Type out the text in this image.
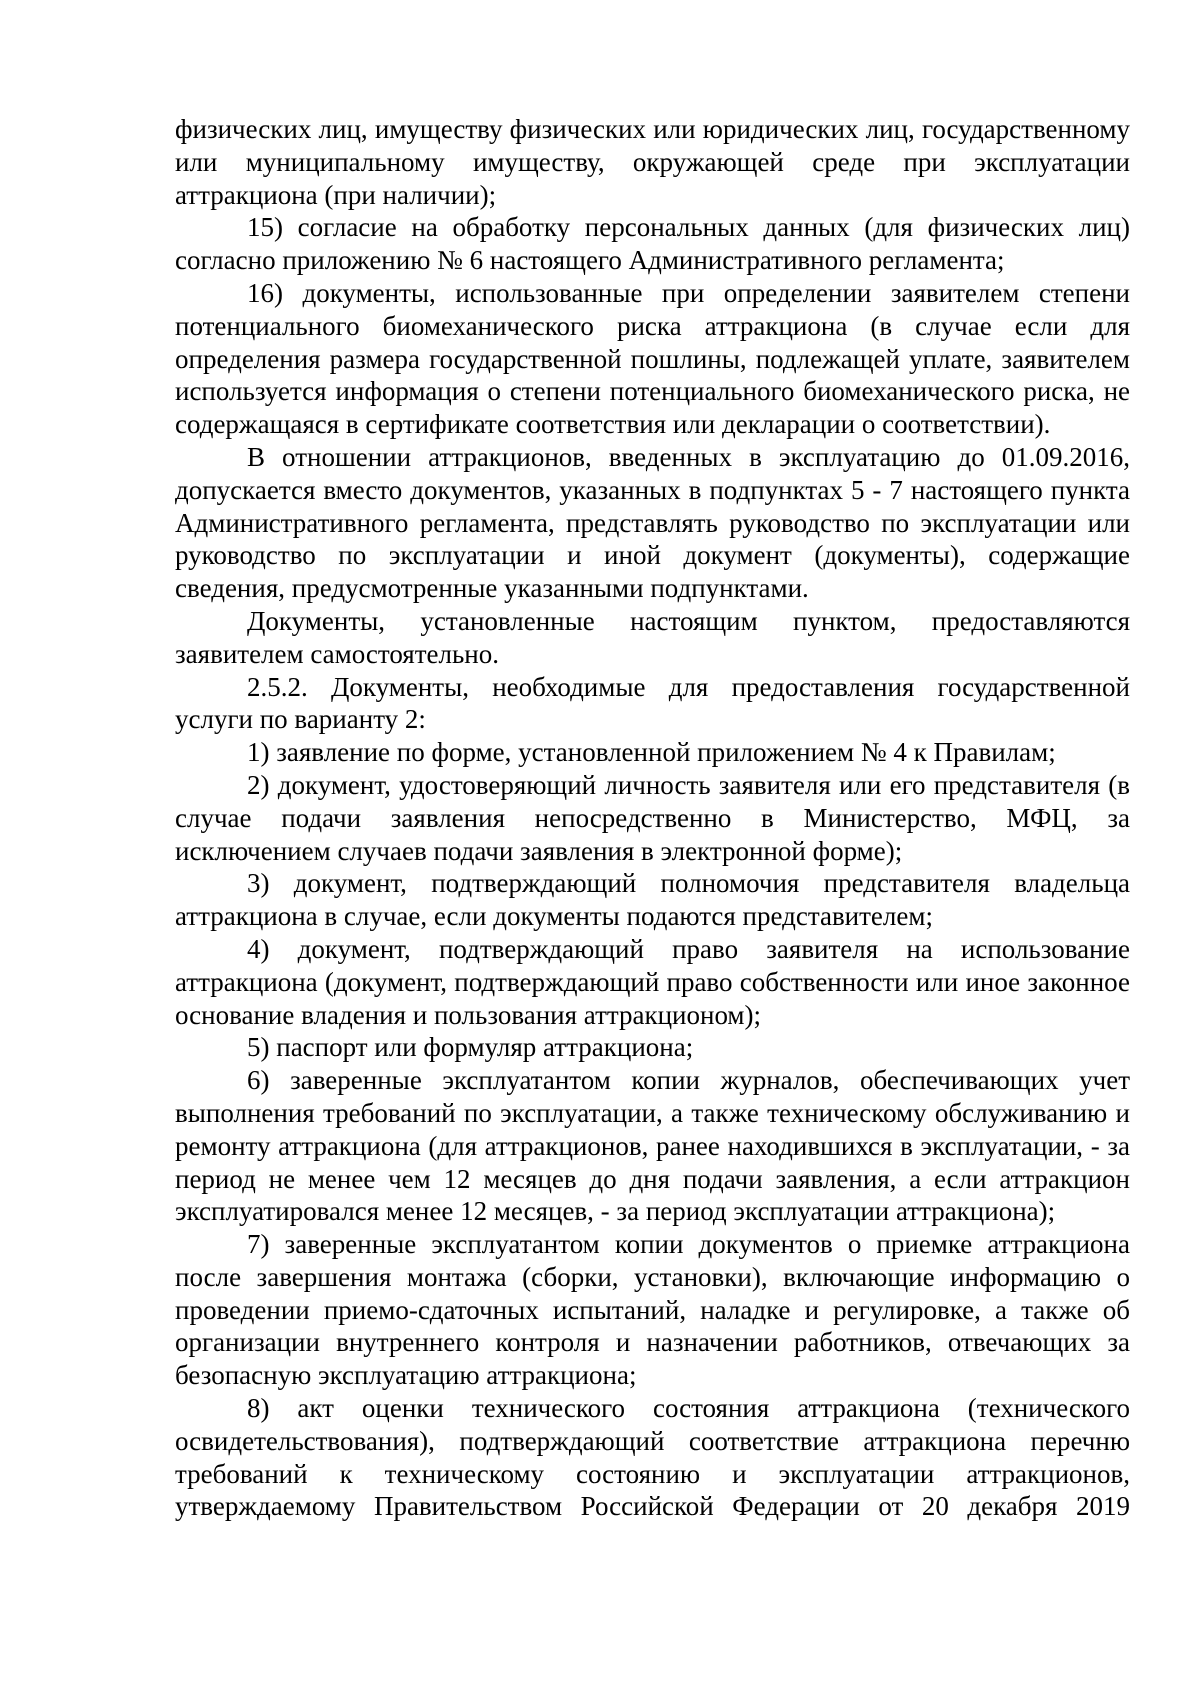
физических лиц, имуществу физических или юридических лиц, государственному или муниципальному имуществу, окружающей среде при эксплуатации аттракциона (при наличии);

15) согласие на обработку персональных данных (для физических лиц) согласно приложению № 6 настоящего Административного регламента;

16) документы, использованные при определении заявителем степени потенциального биомеханического риска аттракциона (в случае если для определения размера государственной пошлины, подлежащей уплате, заявителем используется информация о степени потенциального биомеханического риска, не содержащаяся в сертификате соответствия или декларации о соответствии).

В отношении аттракционов, введенных в эксплуатацию до 01.09.2016, допускается вместо документов, указанных в подпунктах 5 - 7 настоящего пункта Административного регламента, представлять руководство по эксплуатации или руководство по эксплуатации и иной документ (документы), содержащие сведения, предусмотренные указанными подпунктами.

Документы, установленные настоящим пунктом, предоставляются заявителем самостоятельно.

2.5.2. Документы, необходимые для предоставления государственной услуги по варианту 2:

1) заявление по форме, установленной приложением № 4 к Правилам;

2) документ, удостоверяющий личность заявителя или его представителя (в случае подачи заявления непосредственно в Министерство, МФЦ, за исключением случаев подачи заявления в электронной форме);

3) документ, подтверждающий полномочия представителя владельца аттракциона в случае, если документы подаются представителем;

4) документ, подтверждающий право заявителя на использование аттракциона (документ, подтверждающий право собственности или иное законное основание владения и пользования аттракционом);

5) паспорт или формуляр аттракциона;

6) заверенные эксплуатантом копии журналов, обеспечивающих учет выполнения требований по эксплуатации, а также техническому обслуживанию и ремонту аттракциона (для аттракционов, ранее находившихся в эксплуатации, - за период не менее чем 12 месяцев до дня подачи заявления, а если аттракцион эксплуатировался менее 12 месяцев, - за период эксплуатации аттракциона);

7) заверенные эксплуатантом копии документов о приемке аттракциона после завершения монтажа (сборки, установки), включающие информацию о проведении приемо-сдаточных испытаний, наладке и регулировке, а также об организации внутреннего контроля и назначении работников, отвечающих за безопасную эксплуатацию аттракциона;

8) акт оценки технического состояния аттракциона (технического освидетельствования), подтверждающий соответствие аттракциона перечню требований к техническому состоянию и эксплуатации аттракционов, утверждаемому Правительством Российской Федерации от 20 декабря 2019
